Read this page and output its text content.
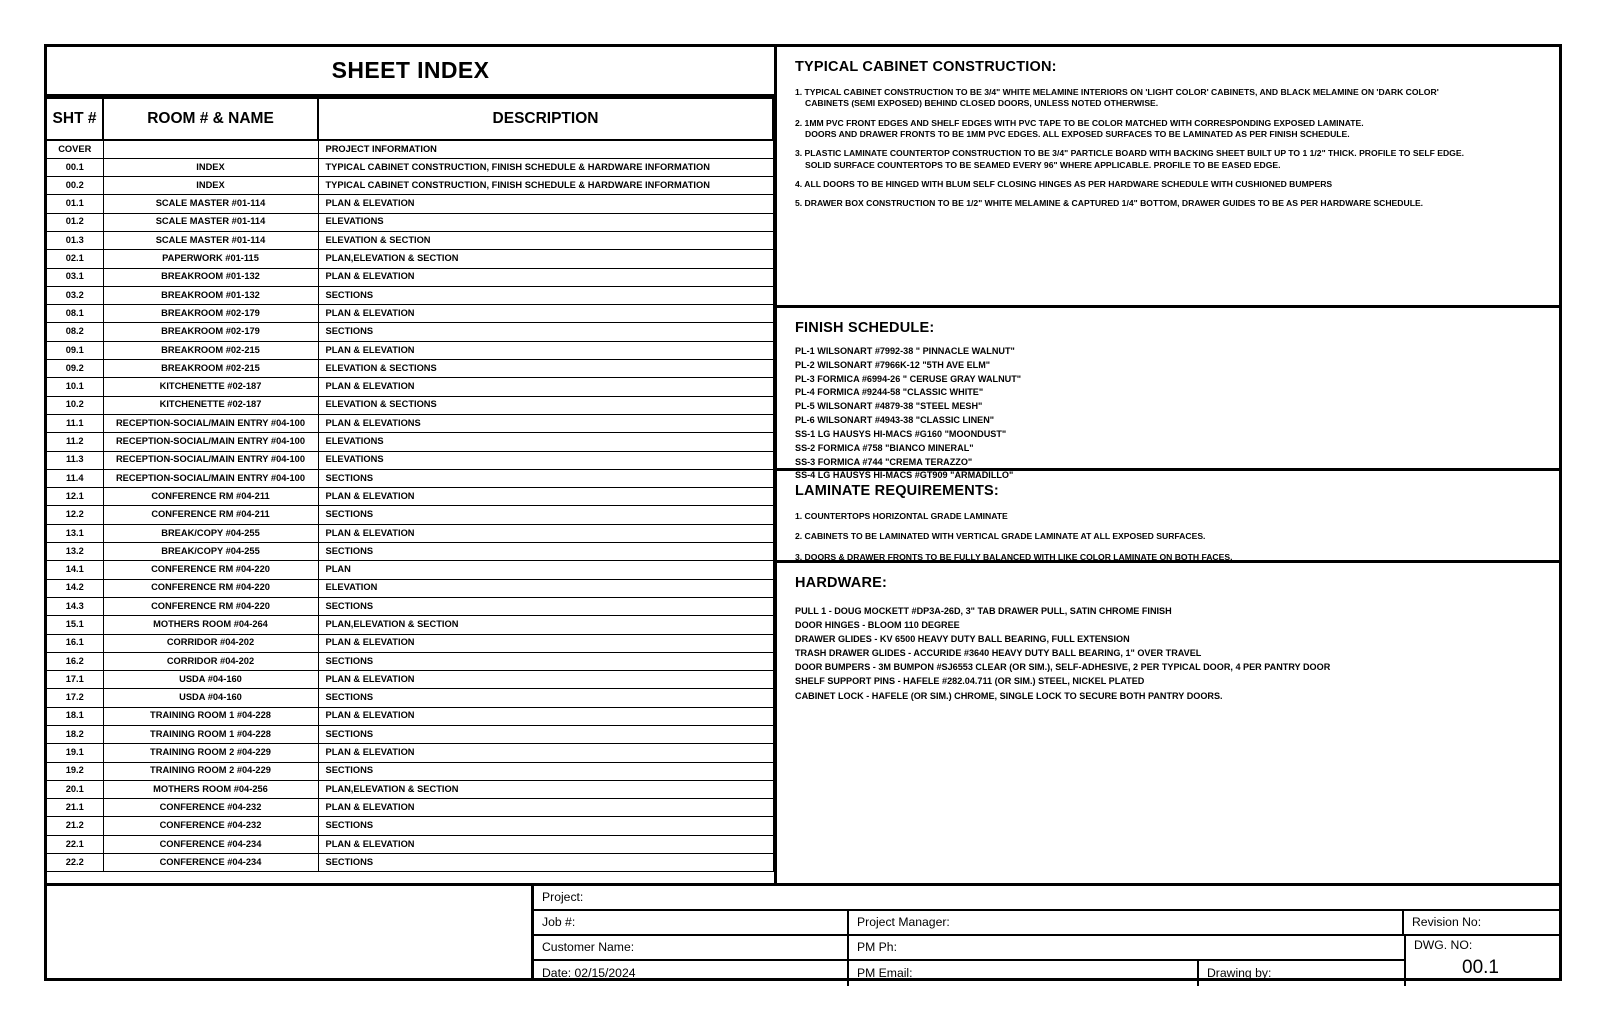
SHEET INDEX
SHT #	ROOM # & NAME	DESCRIPTION
COVER		PROJECT INFORMATION
00.1	INDEX	TYPICAL CABINET CONSTRUCTION, FINISH SCHEDULE & HARDWARE INFORMATION
00.2	INDEX	TYPICAL CABINET CONSTRUCTION, FINISH SCHEDULE & HARDWARE INFORMATION
01.1	SCALE MASTER #01-114	PLAN & ELEVATION
01.2	SCALE MASTER #01-114	ELEVATIONS
01.3	SCALE MASTER #01-114	ELEVATION & SECTION
02.1	PAPERWORK #01-115	PLAN,ELEVATION & SECTION
03.1	BREAKROOM #01-132	PLAN & ELEVATION
03.2	BREAKROOM #01-132	SECTIONS
08.1	BREAKROOM #02-179	PLAN & ELEVATION
08.2	BREAKROOM #02-179	SECTIONS
09.1	BREAKROOM #02-215	PLAN & ELEVATION
09.2	BREAKROOM #02-215	ELEVATION & SECTIONS
10.1	KITCHENETTE #02-187	PLAN & ELEVATION
10.2	KITCHENETTE #02-187	ELEVATION & SECTIONS
11.1	RECEPTION-SOCIAL/MAIN ENTRY #04-100	PLAN & ELEVATIONS
11.2	RECEPTION-SOCIAL/MAIN ENTRY #04-100	ELEVATIONS
11.3	RECEPTION-SOCIAL/MAIN ENTRY #04-100	ELEVATIONS
11.4	RECEPTION-SOCIAL/MAIN ENTRY #04-100	SECTIONS
12.1	CONFERENCE RM #04-211	PLAN & ELEVATION
12.2	CONFERENCE RM #04-211	SECTIONS
13.1	BREAK/COPY #04-255	PLAN & ELEVATION
13.2	BREAK/COPY #04-255	SECTIONS
14.1	CONFERENCE RM #04-220	PLAN
14.2	CONFERENCE RM #04-220	ELEVATION
14.3	CONFERENCE RM #04-220	SECTIONS
15.1	MOTHERS ROOM #04-264	PLAN,ELEVATION & SECTION
16.1	CORRIDOR #04-202	PLAN & ELEVATION
16.2	CORRIDOR #04-202	SECTIONS
17.1	USDA #04-160	PLAN & ELEVATION
17.2	USDA #04-160	SECTIONS
18.1	TRAINING ROOM 1 #04-228	PLAN & ELEVATION
18.2	TRAINING ROOM 1 #04-228	SECTIONS
19.1	TRAINING ROOM 2 #04-229	PLAN & ELEVATION
19.2	TRAINING ROOM 2 #04-229	SECTIONS
20.1	MOTHERS ROOM #04-256	PLAN,ELEVATION & SECTION
21.1	CONFERENCE #04-232	PLAN & ELEVATION
21.2	CONFERENCE #04-232	SECTIONS
22.1	CONFERENCE #04-234	PLAN & ELEVATION
22.2	CONFERENCE #04-234	SECTIONS
TYPICAL CABINET CONSTRUCTION:
1. TYPICAL CABINET CONSTRUCTION TO BE 3/4" WHITE MELAMINE INTERIORS ON 'LIGHT COLOR' CABINETS, AND BLACK MELAMINE ON 'DARK COLOR'
CABINETS (SEMI EXPOSED) BEHIND CLOSED DOORS, UNLESS NOTED OTHERWISE.
2. 1MM PVC FRONT EDGES AND SHELF EDGES WITH PVC TAPE TO BE COLOR MATCHED WITH CORRESPONDING EXPOSED LAMINATE.
DOORS AND DRAWER FRONTS TO BE 1MM PVC EDGES. ALL EXPOSED SURFACES TO BE LAMINATED AS PER FINISH SCHEDULE.
3. PLASTIC LAMINATE COUNTERTOP CONSTRUCTION TO BE 3/4" PARTICLE BOARD WITH BACKING SHEET BUILT UP TO 1 1/2" THICK. PROFILE TO SELF EDGE.
SOLID SURFACE COUNTERTOPS TO BE SEAMED EVERY 96" WHERE APPLICABLE. PROFILE TO BE EASED EDGE.
4. ALL DOORS TO BE HINGED WITH BLUM SELF CLOSING HINGES AS PER HARDWARE SCHEDULE WITH CUSHIONED BUMPERS
5. DRAWER BOX CONSTRUCTION TO BE 1/2" WHITE MELAMINE & CAPTURED 1/4" BOTTOM, DRAWER GUIDES TO BE AS PER HARDWARE SCHEDULE.
FINISH SCHEDULE:
PL-1 WILSONART #7992-38 " PINNACLE WALNUT"
PL-2 WILSONART #7966K-12 "5TH AVE ELM"
PL-3 FORMICA #6994-26 " CERUSE GRAY WALNUT"
PL-4 FORMICA #9244-58 "CLASSIC WHITE"
PL-5 WILSONART #4879-38 "STEEL MESH"
PL-6 WILSONART #4943-38 "CLASSIC LINEN"
SS-1 LG HAUSYS HI-MACS #G160 "MOONDUST"
SS-2 FORMICA #758 "BIANCO MINERAL"
SS-3 FORMICA #744 "CREMA TERAZZO"
SS-4 LG HAUSYS HI-MACS #GT909 "ARMADILLO"
LAMINATE REQUIREMENTS:
1. COUNTERTOPS HORIZONTAL GRADE LAMINATE
2. CABINETS TO BE LAMINATED WITH VERTICAL GRADE LAMINATE AT ALL EXPOSED SURFACES.
3. DOORS & DRAWER FRONTS TO BE FULLY BALANCED WITH LIKE COLOR LAMINATE ON BOTH FACES.
HARDWARE:
PULL 1 - DOUG MOCKETT #DP3A-26D, 3" TAB DRAWER PULL, SATIN CHROME FINISH
DOOR HINGES - BLOOM 110 DEGREE
DRAWER GLIDES - KV 6500 HEAVY DUTY BALL BEARING, FULL EXTENSION
TRASH DRAWER GLIDES - ACCURIDE #3640 HEAVY DUTY BALL BEARING, 1" OVER TRAVEL
DOOR BUMPERS - 3M BUMPON #SJ6553 CLEAR (OR SIM.), SELF-ADHESIVE, 2 PER TYPICAL DOOR, 4 PER PANTRY DOOR
SHELF SUPPORT PINS - HAFELE #282.04.711 (OR SIM.) STEEL, NICKEL PLATED
CABINET LOCK - HAFELE (OR SIM.) CHROME, SINGLE LOCK TO SECURE BOTH PANTRY DOORS.
Project:
Job #:	Project Manager:	Revision No:
Customer Name:	PM Ph:
Date: 02/15/2024	PM Email:	Drawing by:
DWG. NO:
00.1
